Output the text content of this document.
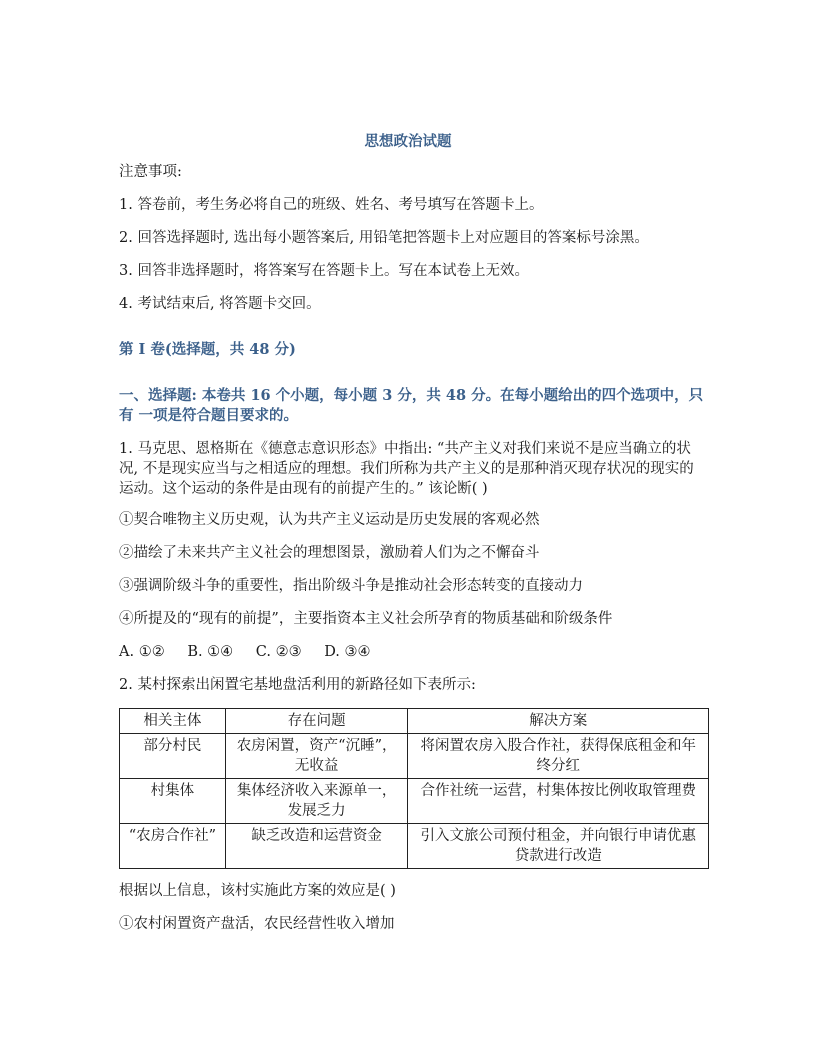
思想政治试题

注意事项:

1. 答卷前，考生务必将自己的班级、姓名、考号填写在答题卡上。

2. 回答选择题时, 选出每小题答案后, 用铅笔把答题卡上对应题目的答案标号涂黑。

3. 回答非选择题时，将答案写在答题卡上。写在本试卷上无效。

4. 考试结束后, 将答题卡交回。

第 I 卷(选择题，共 48 分)

一、选择题: 本卷共 16 个小题，每小题 3 分，共 48 分。在每小题给出的四个选项中，只有 一项是符合题目要求的。

1. 马克思、恩格斯在《德意志意识形态》中指出: “共产主义对我们来说不是应当确立的状况, 不是现实应当与之相适应的理想。我们所称为共产主义的是那种消灭现存状况的现实的运动。这个运动的条件是由现有的前提产生的。” 该论断( )

①契合唯物主义历史观，认为共产主义运动是历史发展的客观必然

②描绘了未来共产主义社会的理想图景，激励着人们为之不懈奋斗

③强调阶级斗争的重要性，指出阶级斗争是推动社会形态转变的直接动力

④所提及的“现有的前提”，主要指资本主义社会所孕育的物质基础和阶级条件

A. ①② B. ①④ C. ②③ D. ③④

2. 某村探索出闲置宅基地盘活利用的新路径如下表所示:

相关主体	存在问题	解决方案
部分村民	农房闲置，资产“沉睡”，无收益	将闲置农房入股合作社，获得保底租金和年终分红
村集体	集体经济收入来源单一，发展乏力	合作社统一运营，村集体按比例收取管理费
“农房合作社”	缺乏改造和运营资金	引入文旅公司预付租金，并向银行申请优惠贷款进行改造

根据以上信息，该村实施此方案的效应是( )

①农村闲置资产盘活，农民经营性收入增加
